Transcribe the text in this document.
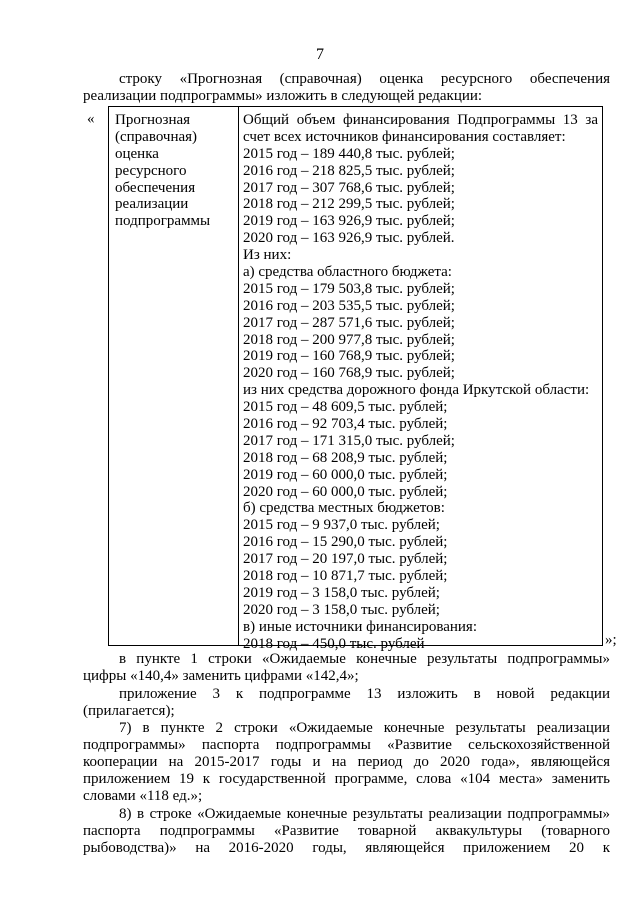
7
строку «Прогнозная (справочная) оценка ресурсного обеспечения
реализации подпрограммы» изложить в следующей редакции:
« Прогнозная
(справочная)
оценка
ресурсного
обеспечения
реализации
подпрограммы
Общий объем финансирования Подпрограммы 13 за
счет всех источников финансирования составляет:
2015 год – 189 440,8 тыс. рублей;
2016 год – 218 825,5 тыс. рублей;
2017 год – 307 768,6 тыс. рублей;
2018 год – 212 299,5 тыс. рублей;
2019 год – 163 926,9 тыс. рублей;
2020 год – 163 926,9 тыс. рублей.
Из них:
а) средства областного бюджета:
2015 год – 179 503,8 тыс. рублей;
2016 год – 203 535,5 тыс. рублей;
2017 год – 287 571,6 тыс. рублей;
2018 год – 200 977,8 тыс. рублей;
2019 год – 160 768,9 тыс. рублей;
2020 год – 160 768,9 тыс. рублей;
из них средства дорожного фонда Иркутской области:
2015 год – 48 609,5 тыс. рублей;
2016 год – 92 703,4 тыс. рублей;
2017 год – 171 315,0 тыс. рублей;
2018 год – 68 208,9 тыс. рублей;
2019 год – 60 000,0 тыс. рублей;
2020 год – 60 000,0 тыс. рублей;
б) средства местных бюджетов:
2015 год – 9 937,0 тыс. рублей;
2016 год – 15 290,0 тыс. рублей;
2017 год – 20 197,0 тыс. рублей;
2018 год – 10 871,7 тыс. рублей;
2019 год – 3 158,0 тыс. рублей;
2020 год – 3 158,0 тыс. рублей;
в) иные источники финансирования:
2018 год – 450,0 тыс. рублей	»;
в пункте 1 строки «Ожидаемые конечные результаты подпрограммы»
цифры «140,4» заменить цифрами «142,4»;
приложение 3 к подпрограмме 13 изложить в новой редакции
(прилагается);
7) в пункте 2 строки «Ожидаемые конечные результаты реализации
подпрограммы» паспорта подпрограммы «Развитие сельскохозяйственной
кооперации на 2015-2017 годы и на период до 2020 года», являющейся
приложением 19 к государственной программе, слова «104 места» заменить
словами «118 ед.»;
8) в строке «Ожидаемые конечные результаты реализации подпрограммы»
паспорта подпрограммы «Развитие товарной аквакультуры (товарного
рыбоводства)» на 2016-2020 годы, являющейся приложением 20 к
